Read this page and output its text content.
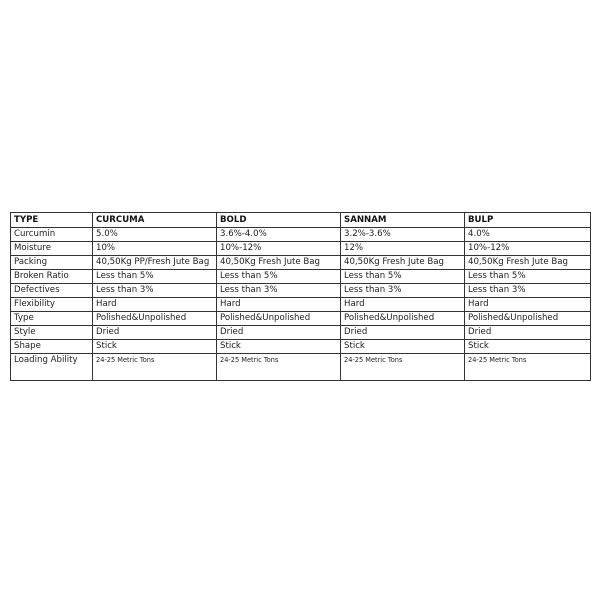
TYPE	CURCUMA	BOLD	SANNAM	BULP
Curcumin	5.0%	3.6%-4.0%	3.2%-3.6%	4.0%
Moisture	10%	10%-12%	12%	10%-12%
Packing	40,50Kg PP/Fresh Jute Bag	40,50Kg Fresh Jute Bag	40,50Kg Fresh Jute Bag	40,50Kg Fresh Jute Bag
Broken Ratio	Less than 5%	Less than 5%	Less than 5%	Less than 5%
Defectives	Less than 3%	Less than 3%	Less than 3%	Less than 3%
Flexibility	Hard	Hard	Hard	Hard
Type	Polished&Unpolished	Polished&Unpolished	Polished&Unpolished	Polished&Unpolished
Style	Dried	Dried	Dried	Dried
Shape	Stick	Stick	Stick	Stick
Loading Ability	24-25 Metric Tons	24-25 Metric Tons	24-25 Metric Tons	24-25 Metric Tons
